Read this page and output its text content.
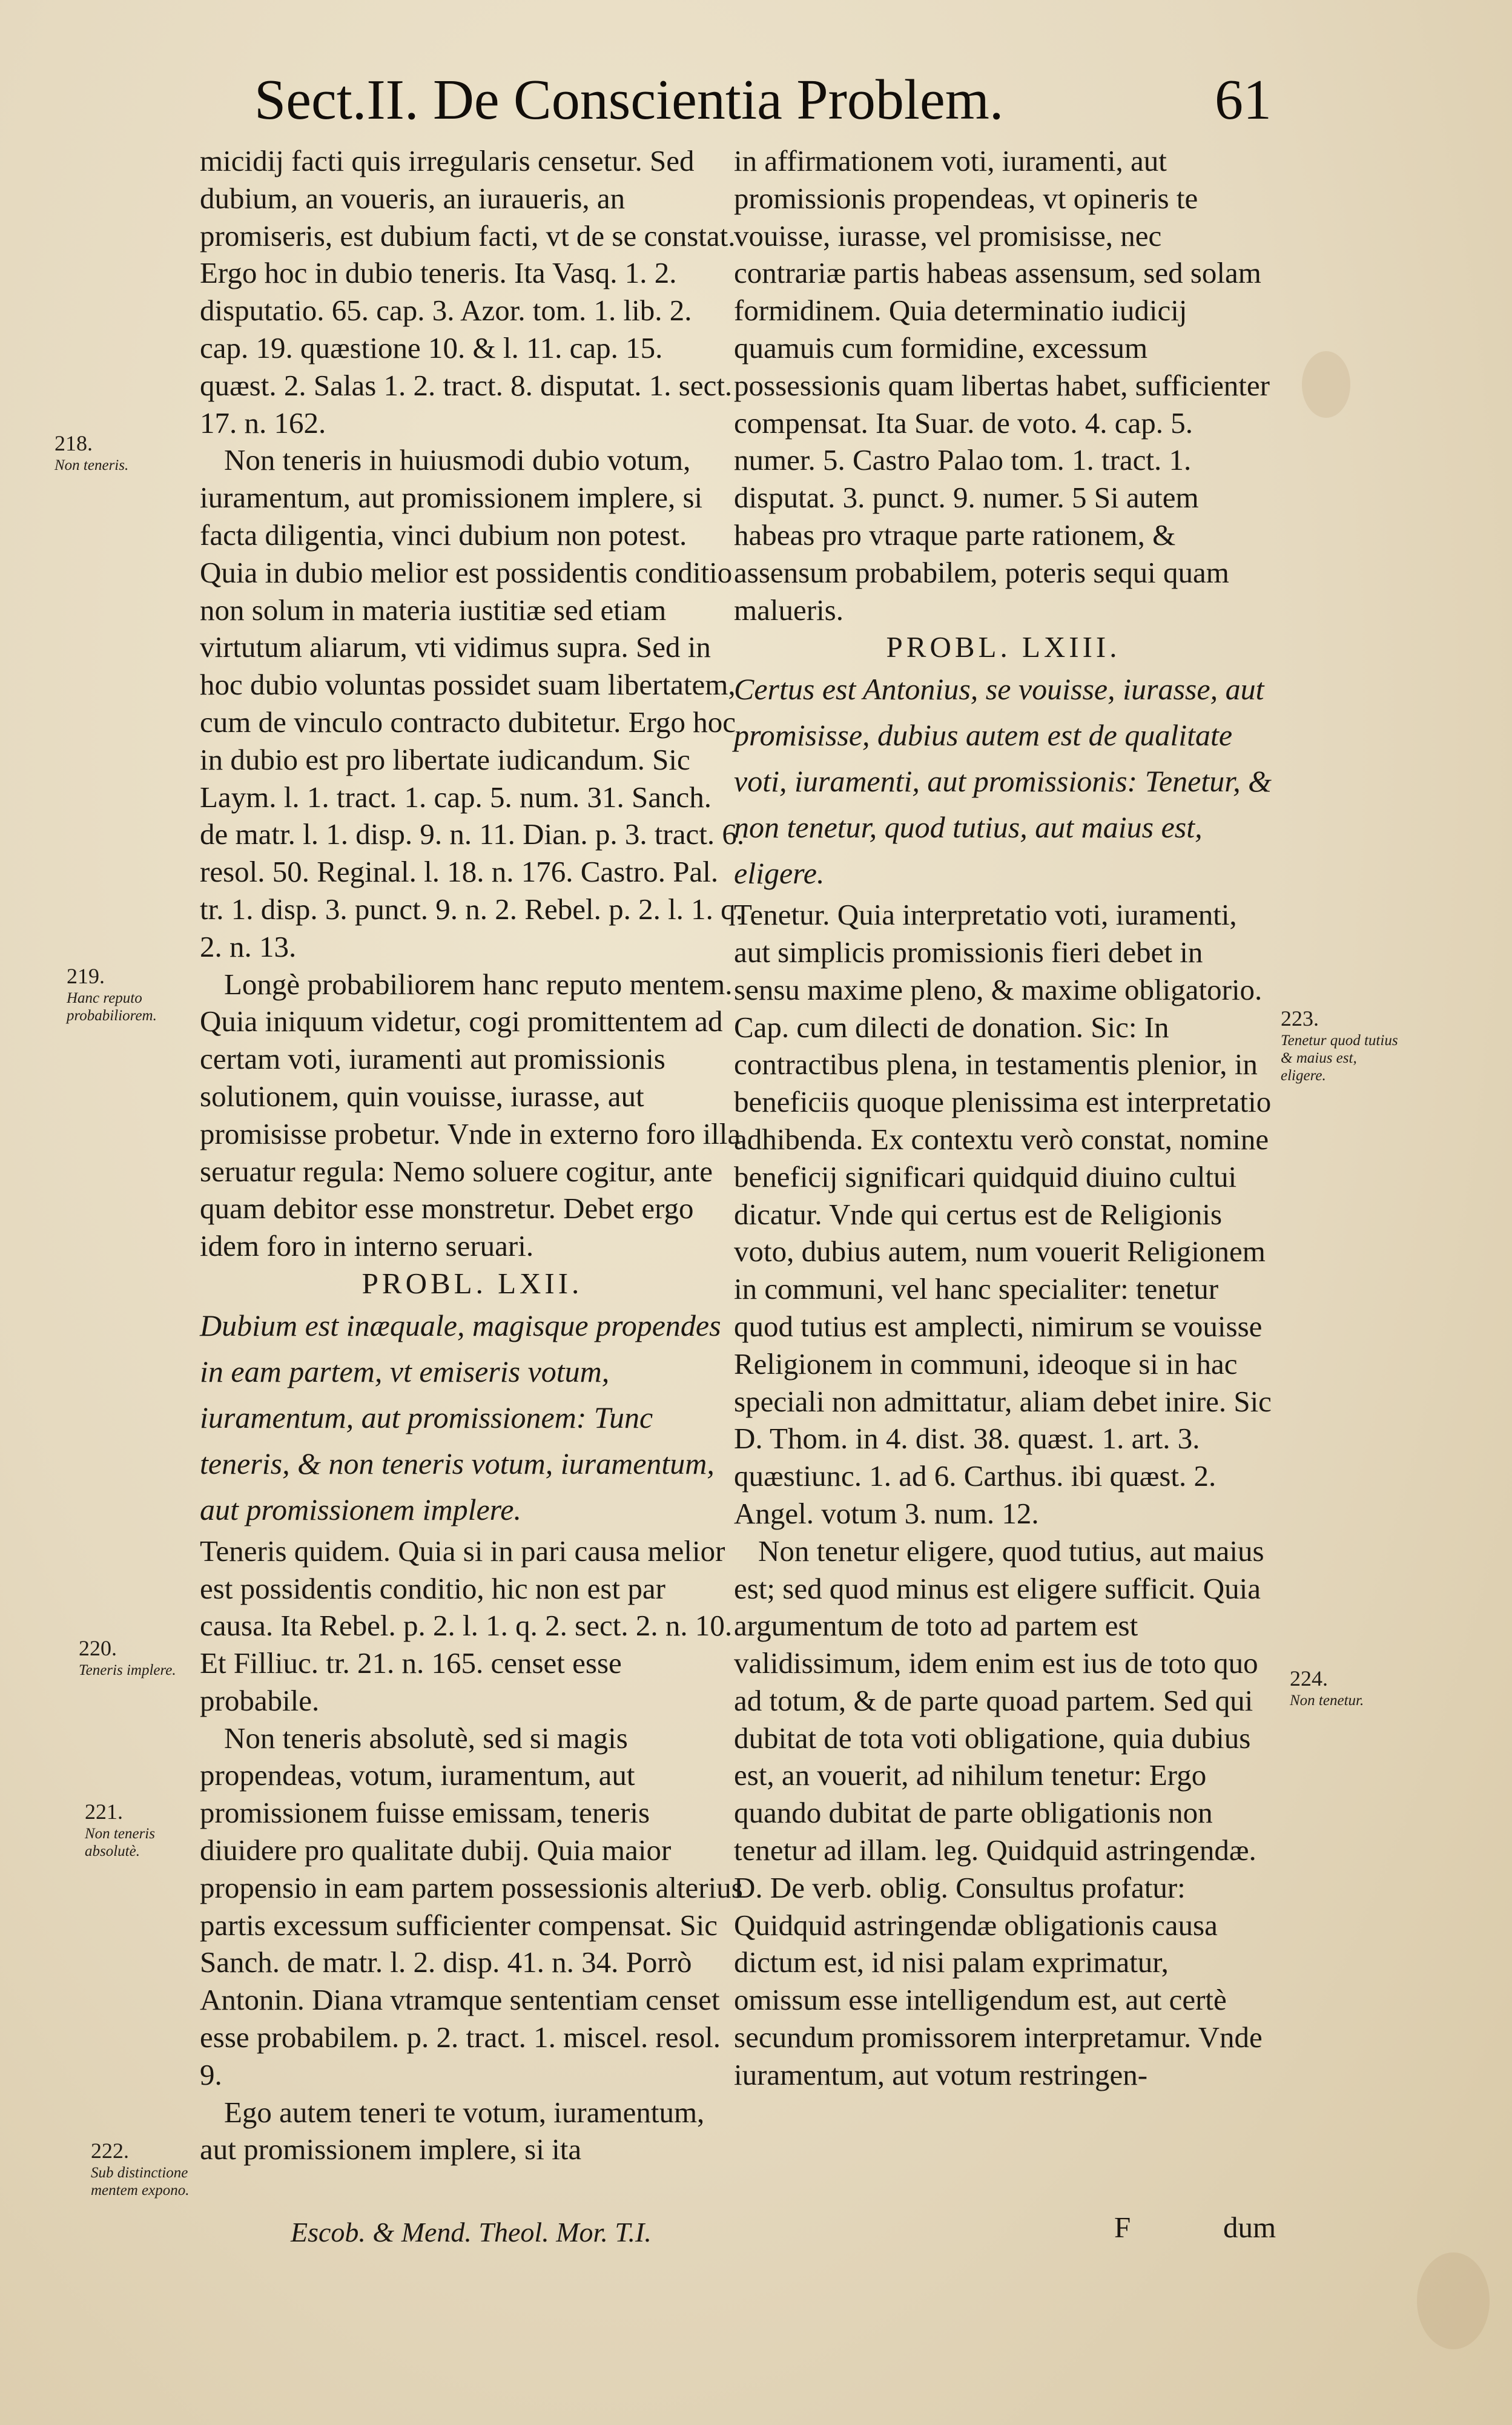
Sect.II. De Conscientia Problem.	61

micidij facti quis irregularis censetur. Sed dubium, an voueris, an iuraueris, an promiseris, est dubium facti, vt de se constat. Ergo hoc in dubio teneris. Ita Vasq. 1. 2. disputatio. 65. cap. 3. Azor. tom. 1. lib. 2. cap. 19. quæstione 10. & l. 11. cap. 15. quæst. 2. Salas 1. 2. tract. 8. disputat. 1. sect. 17. n. 162.

Non teneris in huiusmodi dubio votum, iuramentum, aut promissionem implere, si facta diligentia, vinci dubium non potest. Quia in dubio melior est possidentis conditio non solum in materia iustitiæ sed etiam virtutum aliarum, vti vidimus supra. Sed in hoc dubio voluntas possidet suam libertatem, cum de vinculo contracto dubitetur. Ergo hoc in dubio est pro libertate iudicandum. Sic Laym. l. 1. tract. 1. cap. 5. num. 31. Sanch. de matr. l. 1. disp. 9. n. 11. Dian. p. 3. tract. 6. resol. 50. Reginal. l. 18. n. 176. Castro. Pal. tr. 1. disp. 3. punct. 9. n. 2. Rebel. p. 2. l. 1. q. 2. n. 13.

Longè probabiliorem hanc reputo mentem. Quia iniquum videtur, cogi promittentem ad certam voti, iuramenti aut promissionis solutionem, quin vouisse, iurasse, aut promisisse probetur. Vnde in externo foro illa seruatur regula: Nemo soluere cogitur, ante quam debitor esse monstretur. Debet ergo idem foro in interno seruari.

PROBL. LXII.

Dubium est inæquale, magisque propendes in eam partem, vt emiseris votum, iuramentum, aut promissionem: Tunc teneris, & non teneris votum, iuramentum, aut promissionem implere.

Teneris quidem. Quia si in pari causa melior est possidentis conditio, hic non est par causa. Ita Rebel. p. 2. l. 1. q. 2. sect. 2. n. 10. Et Filliuc. tr. 21. n. 165. censet esse probabile.

Non teneris absolutè, sed si magis propendeas, votum, iuramentum, aut promissionem fuisse emissam, teneris diuidere pro qualitate dubij. Quia maior propensio in eam partem possessionis alterius partis excessum sufficienter compensat. Sic Sanch. de matr. l. 2. disp. 41. n. 34. Porrò Antonin. Diana vtramque sententiam censet esse probabilem. p. 2. tract. 1. miscel. resol. 9.

Ego autem teneri te votum, iuramentum, aut promissionem implere, si ita

Escob. & Mend. Theol. Mor. T.I.

in affirmationem voti, iuramenti, aut promissionis propendeas, vt opineris te vouisse, iurasse, vel promisisse, nec contrariæ partis habeas assensum, sed solam formidinem. Quia determinatio iudicij quamuis cum formidine, excessum possessionis quam libertas habet, sufficienter compensat. Ita Suar. de voto. 4. cap. 5. numer. 5. Castro Palao tom. 1. tract. 1. disputat. 3. punct. 9. numer. 5 Si autem habeas pro vtraque parte rationem, & assensum probabilem, poteris sequi quam malueris.

PROBL. LXIII.

Certus est Antonius, se vouisse, iurasse, aut promisisse, dubius autem est de qualitate voti, iuramenti, aut promissionis: Tenetur, & non tenetur, quod tutius, aut maius est, eligere.

Tenetur. Quia interpretatio voti, iuramenti, aut simplicis promissionis fieri debet in sensu maxime pleno, & maxime obligatorio. Cap. cum dilecti de donation. Sic: In contractibus plena, in testamentis plenior, in beneficiis quoque plenissima est interpretatio adhibenda. Ex contextu verò constat, nomine beneficij significari quidquid diuino cultui dicatur. Vnde qui certus est de Religionis voto, dubius autem, num vouerit Religionem in communi, vel hanc specialiter: tenetur quod tutius est amplecti, nimirum se vouisse Religionem in communi, ideoque si in hac speciali non admittatur, aliam debet inire. Sic D. Thom. in 4. dist. 38. quæst. 1. art. 3. quæstiunc. 1. ad 6. Carthus. ibi quæst. 2. Angel. votum 3. num. 12.

Non tenetur eligere, quod tutius, aut maius est; sed quod minus est eligere sufficit. Quia argumentum de toto ad partem est validissimum, idem enim est ius de toto quo ad totum, & de parte quoad partem. Sed qui dubitat de tota voti obligatione, quia dubius est, an vouerit, ad nihilum tenetur: Ergo quando dubitat de parte obligationis non tenetur ad illam. leg. Quidquid astringendæ. D. De verb. oblig. Consultus profatur: Quidquid astringendæ obligationis causa dictum est, id nisi palam exprimatur, omissum esse intelligendum est, aut certè secundum promissorem interpretamur. Vnde iuramentum, aut votum restringen-

F	dum
218.
Non teneris.
219.
Hanc reputo probabiliorem.
220.
Teneris implere.
221.
Non teneris absolutè.
222.
Sub distinctione mentem expono.
223.
Tenetur quod tutius & maius est, eligere.
224.
Non tenetur.
